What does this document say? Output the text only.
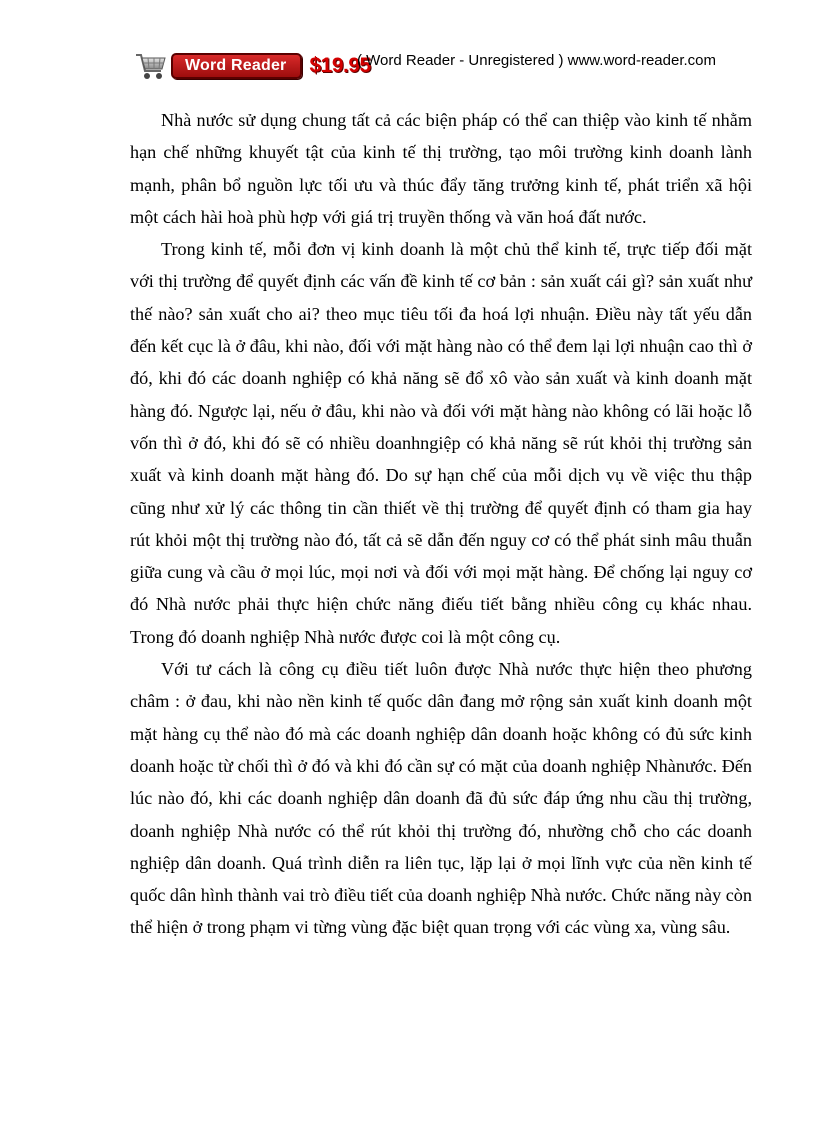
Word Reader	$19.95
( Word Reader - Unregistered ) www.word-reader.com

Nhà nước sử dụng chung tất cả các biện pháp có thể can thiệp vào kinh tế nhằm hạn chế những khuyết tật của kinh tế thị trường, tạo môi trường kinh doanh lành mạnh, phân bổ nguồn lực tối ưu và thúc đẩy tăng trưởng kinh tế, phát triển xã hội một cách hài hoà phù hợp với giá trị truyền thống và văn hoá đất nước.

Trong kinh tế, mỗi đơn vị kinh doanh là một chủ thể kinh tế, trực tiếp đối mặt với thị trường để quyết định các vấn đề kinh tế cơ bản : sản xuất cái gì? sản xuất như thế nào? sản xuất cho ai? theo mục tiêu tối đa hoá lợi nhuận. Điều này tất yếu dẫn đến kết cục là ở đâu, khi nào, đối với mặt hàng nào có thể đem lại lợi nhuận cao thì ở đó, khi đó các doanh nghiệp có khả năng sẽ đổ xô vào sản xuất và kinh doanh mặt hàng đó. Ngược lại, nếu ở đâu, khi nào và đối với mặt hàng nào không có lãi hoặc lỗ vốn thì ở đó, khi đó sẽ có nhiều doanhngiệp có khả năng sẽ rút khỏi thị trường sản xuất và kinh doanh mặt hàng đó. Do sự hạn chế của mỗi dịch vụ về việc thu thập cũng như xử lý các thông tin cần thiết về thị trường để quyết định có tham gia hay rút khỏi một thị trường nào đó, tất cả sẽ dẫn đến nguy cơ có thể phát sinh mâu thuẫn giữa cung và cầu ở mọi lúc, mọi nơi và đối với mọi mặt hàng. Để chống lại nguy cơ đó Nhà nước phải thực hiện chức năng điếu tiết bằng nhiều công cụ khác nhau. Trong đó doanh nghiệp Nhà nước được coi là một công cụ.

Với tư cách là công cụ điều tiết luôn được Nhà nước thực hiện theo phương châm : ở đau, khi nào nền kinh tế quốc dân đang mở rộng sản xuất kinh doanh một mặt hàng cụ thể nào đó mà các doanh nghiệp dân doanh hoặc không có đủ sức kinh doanh hoặc từ chối thì ở đó và khi đó cần sự có mặt của doanh nghiệp Nhànước. Đến lúc nào đó, khi các doanh nghiệp dân doanh đã đủ sức đáp ứng nhu cầu thị trường, doanh nghiệp Nhà nước có thể rút khỏi thị trường đó, nhường chỗ cho các doanh nghiệp dân doanh. Quá trình diễn ra liên tục, lặp lại ở mọi lĩnh vực của nền kinh tế quốc dân hình thành vai trò điều tiết của doanh nghiệp Nhà nước. Chức năng này còn thể hiện ở trong phạm vi từng vùng đặc biệt quan trọng với các vùng xa, vùng sâu.
